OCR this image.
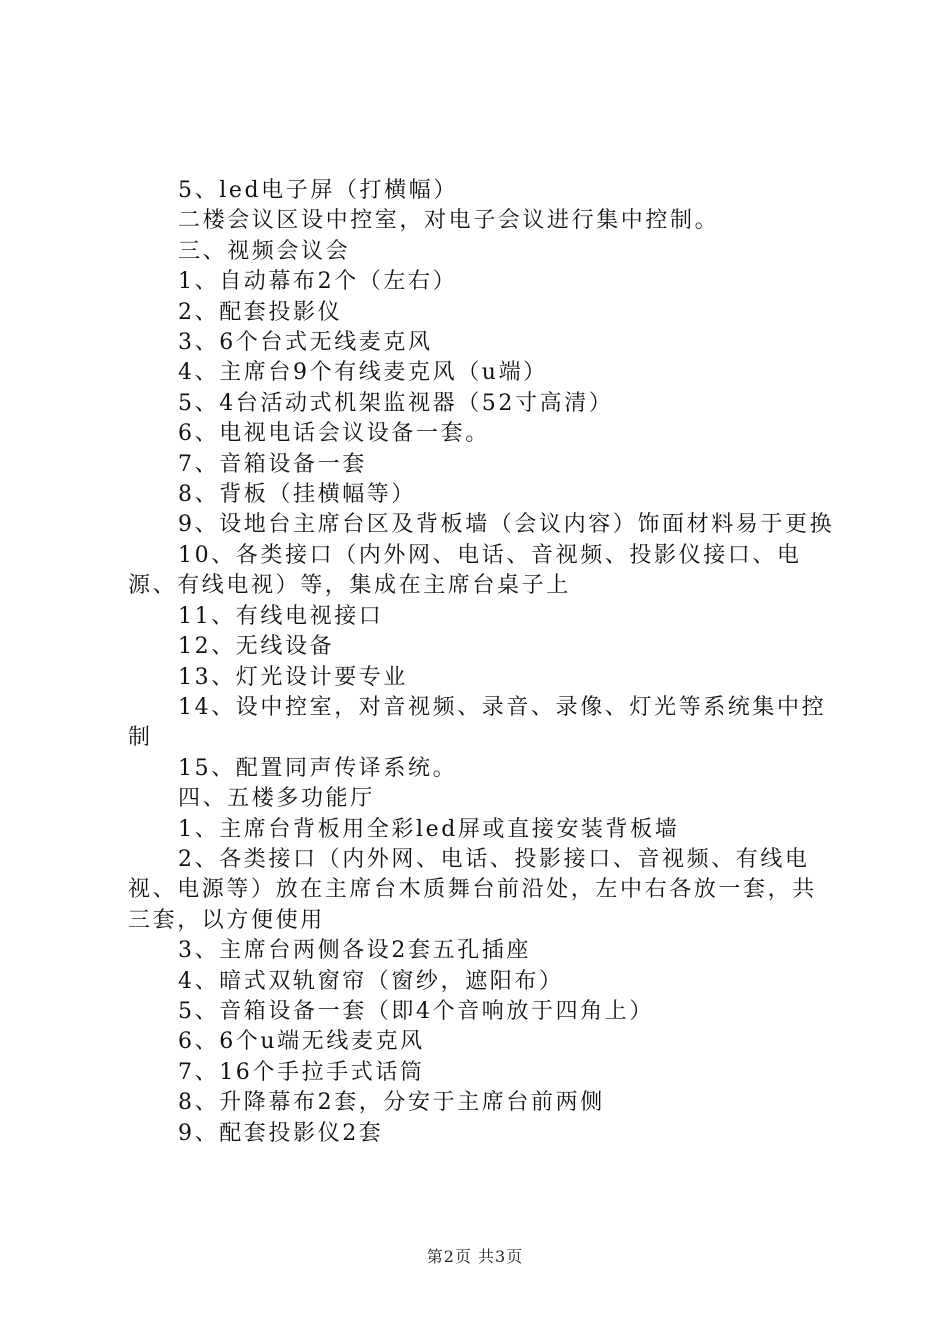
5、led电子屏（打横幅）

二楼会议区设中控室，对电子会议进行集中控制。

三、视频会议会

1、自动幕布2个（左右）

2、配套投影仪

3、6个台式无线麦克风

4、主席台9个有线麦克风（u端）

5、4台活动式机架监视器（52寸高清）

6、电视电话会议设备一套。

7、音箱设备一套

8、背板（挂横幅等）

9、设地台主席台区及背板墙（会议内容）饰面材料易于更换

10、各类接口（内外网、电话、音视频、投影仪接口、电源、有线电视）等，集成在主席台桌子上

11、有线电视接口

12、无线设备

13、灯光设计要专业

14、设中控室，对音视频、录音、录像、灯光等系统集中控制

15、配置同声传译系统。

四、五楼多功能厅

1、主席台背板用全彩led屏或直接安装背板墙

2、各类接口（内外网、电话、投影接口、音视频、有线电视、电源等）放在主席台木质舞台前沿处，左中右各放一套，共三套，以方便使用

3、主席台两侧各设2套五孔插座

4、暗式双轨窗帘（窗纱，遮阳布）

5、音箱设备一套（即4个音响放于四角上）

6、6个u端无线麦克风

7、16个手拉手式话筒

8、升降幕布2套，分安于主席台前两侧

9、配套投影仪2套

第2页 共3页
